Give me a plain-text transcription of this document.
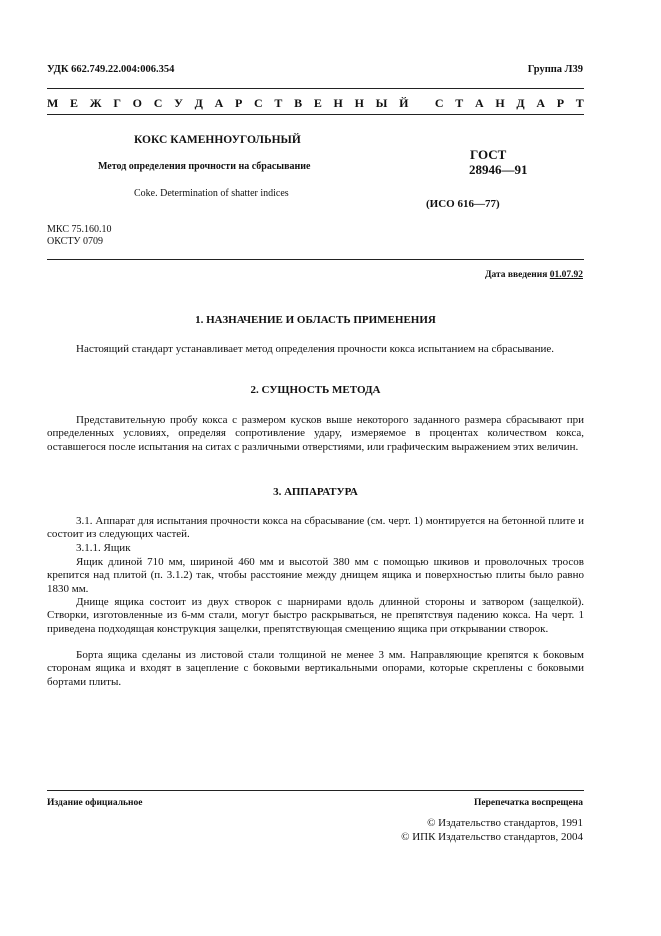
УДК 662.749.22.004:006.354	Группа Л39
М Е Ж Г О С У Д А Р С Т В Е Н Н Ы Й
С Т А Н Д А Р Т
КОКС КАМЕННОУГОЛЬНЫЙ
Метод определения прочности на сбрасывание
Coke. Determination of shatter indices
ГОСТ
28946—91
(ИСО 616—77)
МКС 75.160.10
ОКСТУ 0709
Дата введения 01.07.92
1. НАЗНАЧЕНИЕ И ОБЛАСТЬ ПРИМЕНЕНИЯ

Настоящий стандарт устанавливает метод определения прочности кокса испытанием на сбрасывание.

2. СУЩНОСТЬ МЕТОДА

Представительную пробу кокса с размером кусков выше некоторого заданного размера сбрасывают при определенных условиях, определяя сопротивление удару, измеряемое в процентах количеством кокса, оставшегося после испытания на ситах с различными отверстиями, или графическим выражением этих величин.

3. АППАРАТУРА

3.1. Аппарат для испытания прочности кокса на сбрасывание (см. черт. 1) монтируется на бетонной плите и состоит из следующих частей.

3.1.1. Ящик

Ящик длиной 710 мм, шириной 460 мм и высотой 380 мм с помощью шкивов и проволочных тросов крепится над плитой (п. 3.1.2) так, чтобы расстояние между днищем ящика и поверхностью плиты было равно 1830 мм.

Днище ящика состоит из двух створок с шарнирами вдоль длинной стороны и затвором (защелкой). Створки, изготовленные из 6-мм стали, могут быстро раскрываться, не препятствуя падению кокса. На черт. 1 приведена подходящая конструкция защелки, препятствующая смещению ящика при открывании створок.

Борта ящика сделаны из листовой стали толщиной не менее 3 мм. Направляющие крепятся к боковым сторонам ящика и входят в зацепление с боковыми вертикальными опорами, которые скреплены с боковыми бортами плиты.

Издание официальное	Перепечатка воспрещена
© Издательство стандартов, 1991
© ИПК Издательство стандартов, 2004
